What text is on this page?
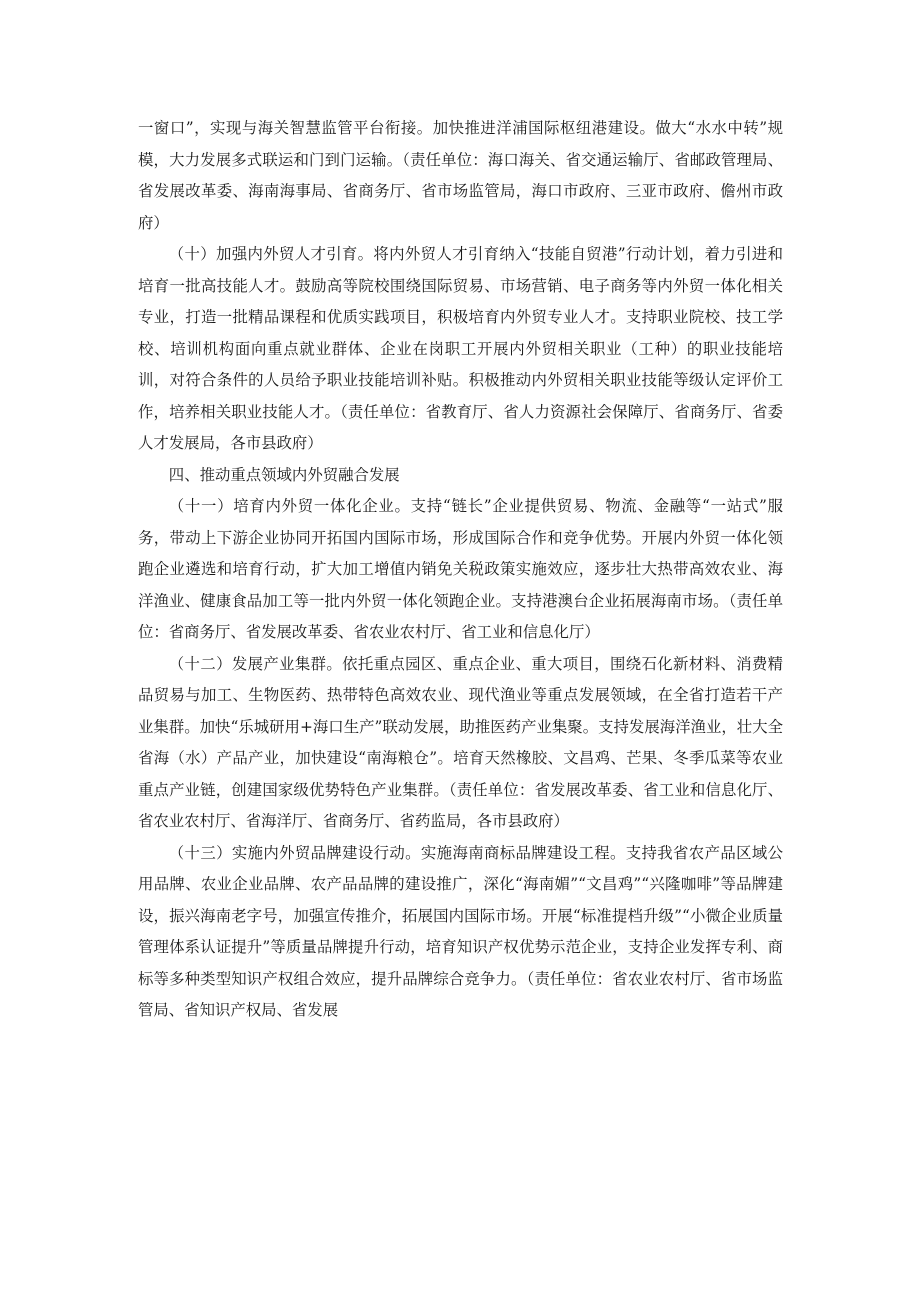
一窗口”，实现与海关智慧监管平台衔接。加快推进洋浦国际枢纽港建设。做大“水水中转”规模，大力发展多式联运和门到门运输。（责任单位：海口海关、省交通运输厅、省邮政管理局、省发展改革委、海南海事局、省商务厅、省市场监管局，海口市政府、三亚市政府、儋州市政府）

（十）加强内外贸人才引育。将内外贸人才引育纳入“技能自贸港”行动计划，着力引进和培育一批高技能人才。鼓励高等院校围绕国际贸易、市场营销、电子商务等内外贸一体化相关专业，打造一批精品课程和优质实践项目，积极培育内外贸专业人才。支持职业院校、技工学校、培训机构面向重点就业群体、企业在岗职工开展内外贸相关职业（工种）的职业技能培训，对符合条件的人员给予职业技能培训补贴。积极推动内外贸相关职业技能等级认定评价工作，培养相关职业技能人才。（责任单位：省教育厅、省人力资源社会保障厅、省商务厅、省委人才发展局，各市县政府）

四、推动重点领域内外贸融合发展

（十一）培育内外贸一体化企业。支持“链长”企业提供贸易、物流、金融等“一站式”服务，带动上下游企业协同开拓国内国际市场，形成国际合作和竞争优势。开展内外贸一体化领跑企业遴选和培育行动，扩大加工增值内销免关税政策实施效应，逐步壮大热带高效农业、海洋渔业、健康食品加工等一批内外贸一体化领跑企业。支持港澳台企业拓展海南市场。（责任单位：省商务厅、省发展改革委、省农业农村厅、省工业和信息化厅）

（十二）发展产业集群。依托重点园区、重点企业、重大项目，围绕石化新材料、消费精品贸易与加工、生物医药、热带特色高效农业、现代渔业等重点发展领域，在全省打造若干产业集群。加快“乐城研用+海口生产”联动发展，助推医药产业集聚。支持发展海洋渔业，壮大全省海（水）产品产业，加快建设“南海粮仓”。培育天然橡胶、文昌鸡、芒果、冬季瓜菜等农业重点产业链，创建国家级优势特色产业集群。（责任单位：省发展改革委、省工业和信息化厅、省农业农村厅、省海洋厅、省商务厅、省药监局，各市县政府）

（十三）实施内外贸品牌建设行动。实施海南商标品牌建设工程。支持我省农产品区域公用品牌、农业企业品牌、农产品品牌的建设推广，深化“海南媚”“文昌鸡”“兴隆咖啡”等品牌建设，振兴海南老字号，加强宣传推介，拓展国内国际市场。开展“标准提档升级”“小微企业质量管理体系认证提升”等质量品牌提升行动，培育知识产权优势示范企业，支持企业发挥专利、商标等多种类型知识产权组合效应，提升品牌综合竞争力。（责任单位：省农业农村厅、省市场监管局、省知识产权局、省发展
